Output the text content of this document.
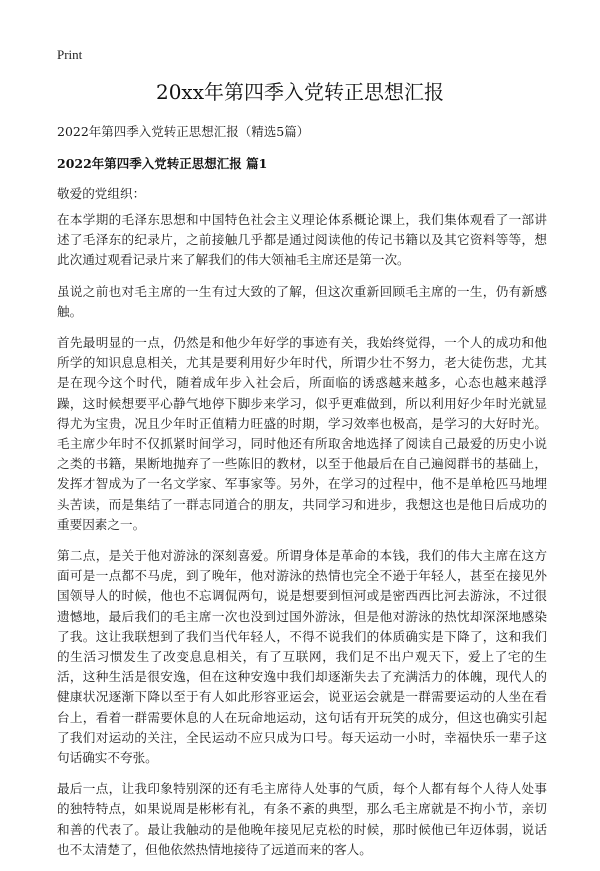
Print
20xx年第四季入党转正思想汇报
2022年第四季入党转正思想汇报（精选5篇）
2022年第四季入党转正思想汇报 篇1
敬爱的党组织：

在本学期的毛泽东思想和中国特色社会主义理论体系概论课上，我们集体观看了一部讲述了毛泽东的纪录片，之前接触几乎都是通过阅读他的传记书籍以及其它资料等等，想此次通过观看记录片来了解我们的伟大领袖毛主席还是第一次。

虽说之前也对毛主席的一生有过大致的了解，但这次重新回顾毛主席的一生，仍有新感触。

首先最明显的一点，仍然是和他少年好学的事迹有关，我始终觉得，一个人的成功和他所学的知识息息相关，尤其是要利用好少年时代，所谓少壮不努力，老大徒伤悲，尤其是在现今这个时代，随着成年步入社会后，所面临的诱惑越来越多，心态也越来越浮躁，这时候想要平心静气地停下脚步来学习，似乎更难做到，所以利用好少年时光就显得尤为宝贵，况且少年时正值精力旺盛的时期，学习效率也极高，是学习的大好时光。毛主席少年时不仅抓紧时间学习，同时他还有所取舍地选择了阅读自己最爱的历史小说之类的书籍，果断地抛弃了一些陈旧的教材，以至于他最后在自己遍阅群书的基础上，发挥才智成为了一名文学家、军事家等。另外，在学习的过程中，他不是单枪匹马地埋头苦读，而是集结了一群志同道合的朋友，共同学习和进步，我想这也是他日后成功的重要因素之一。

第二点，是关于他对游泳的深刻喜爱。所谓身体是革命的本钱，我们的伟大主席在这方面可是一点都不马虎，到了晚年，他对游泳的热情也完全不逊于年轻人，甚至在接见外国领导人的时候，他也不忘调侃两句，说是想要到恒河或是密西西比河去游泳，不过很遗憾地，最后我们的毛主席一次也没到过国外游泳，但是他对游泳的热忱却深深地感染了我。这让我联想到了我们当代年轻人，不得不说我们的体质确实是下降了，这和我们的生活习惯发生了改变息息相关，有了互联网，我们足不出户观天下，爱上了宅的生活，这种生活是很安逸，但在这种安逸中我们却逐渐失去了充满活力的体魄，现代人的健康状况逐渐下降以至于有人如此形容亚运会，说亚运会就是一群需要运动的人坐在看台上，看着一群需要休息的人在玩命地运动，这句话有开玩笑的成分，但这也确实引起了我们对运动的关注，全民运动不应只成为口号。每天运动一小时，幸福快乐一辈子这句话确实不夸张。

最后一点，让我印象特别深的还有毛主席待人处事的气质，每个人都有每个人待人处事的独特特点，如果说周是彬彬有礼，有条不紊的典型，那么毛主席就是不拘小节，亲切和善的代表了。最让我触动的是他晚年接见尼克松的时候，那时候他已年迈体弱，说话也不太清楚了，但他依然热情地接待了远道而来的客人。
